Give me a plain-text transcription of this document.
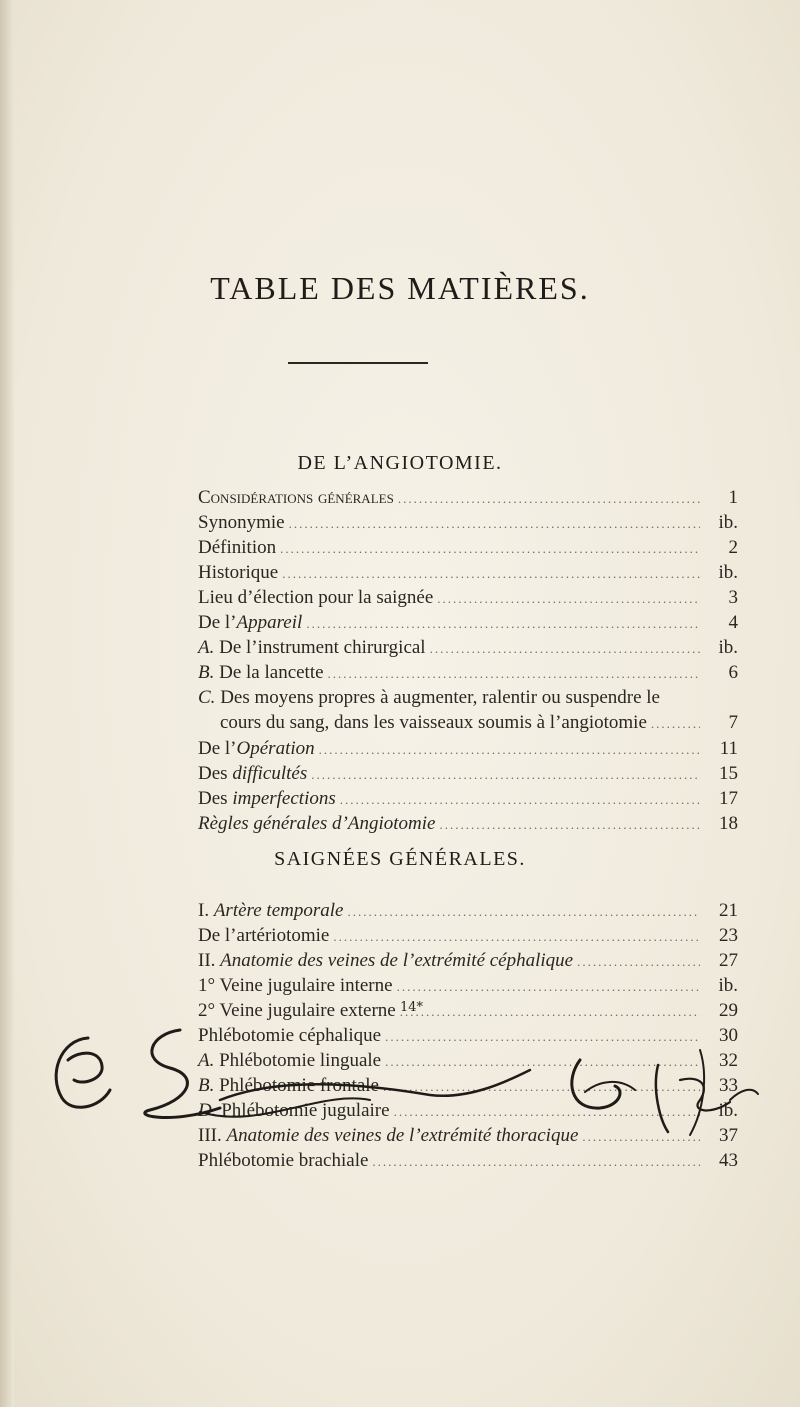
TABLE DES MATIÈRES.
DE L’ANGIOTOMIE.
Considérations générales .....	1
Synonymie .....	ib.
Définition .....	2
Historique .....	ib.
Lieu d’élection pour la saignée .....	3
De l’Appareil .....	4
A. De l’instrument chirurgical .....	ib.
B. De la lancette .....	6
C. Des moyens propres à augmenter, ralentir ou suspendre le
cours du sang, dans les vaisseaux soumis à l’angiotomie .....	7
De l’Opération .....	11
Des difficultés .....	15
Des imperfections .....	17
Règles générales d’Angiotomie .....	18
SAIGNÉES GÉNÉRALES.
I. Artère temporale .....	21
De l’artériotomie .....	23
II. Anatomie des veines de l’extrémité céphalique .....	27
1° Veine jugulaire interne .....	ib.
2° Veine jugulaire externe .....	29
Phlébotomie céphalique .....	30
A. Phlébotomie linguale .....	32
B. Phlébotomie frontale .....	33
D. Phlébotomie jugulaire .....	ib.
III. Anatomie des veines de l’extrémité thoracique .....	37
Phlébotomie brachiale .....	43
14*
